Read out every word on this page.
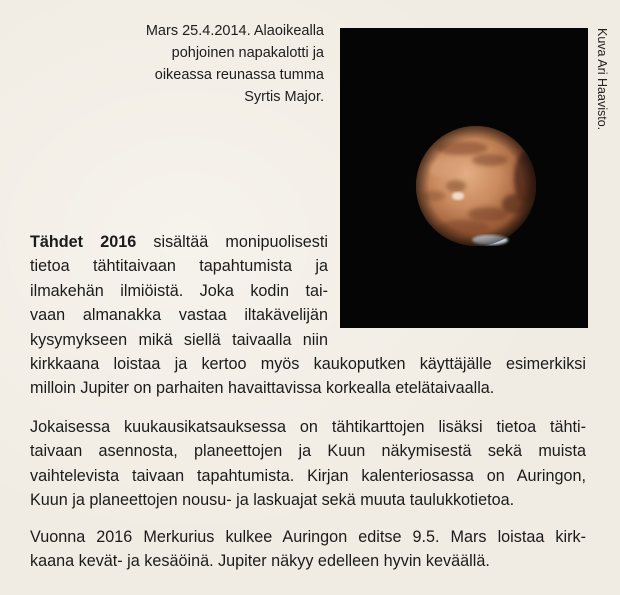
Mars 25.4.2014. Alaoikealla
pohjoinen napakalotti ja
oikeassa reunassa tumma
Syrtis Major.	Kuva Ari Haavisto.
Tähdet 2016 sisältää monipuolisesti
tietoa tähtitaivaan tapahtumista ja
ilmakehän ilmiöistä. Joka kodin tai-
vaan almanakka vastaa iltakävelijän
kysymykseen mikä siellä taivaalla niin
kirkkaana loistaa ja kertoo myös kaukoputken käyttäjälle esimerkiksi
milloin Jupiter on parhaiten havaittavissa korkealla etelätaivaalla.
Jokaisessa kuukausikatsauksessa on tähtikarttojen lisäksi tietoa tähti-
taivaan asennosta, planeettojen ja Kuun näkymisestä sekä muista
vaihtelevista taivaan tapahtumista. Kirjan kalenteriosassa on Auringon,
Kuun ja planeettojen nousu- ja laskuajat sekä muuta taulukkotietoa.
Vuonna 2016 Merkurius kulkee Auringon editse 9.5. Mars loistaa kirk-
kaana kevät- ja kesäöinä. Jupiter näkyy edelleen hyvin keväällä.
